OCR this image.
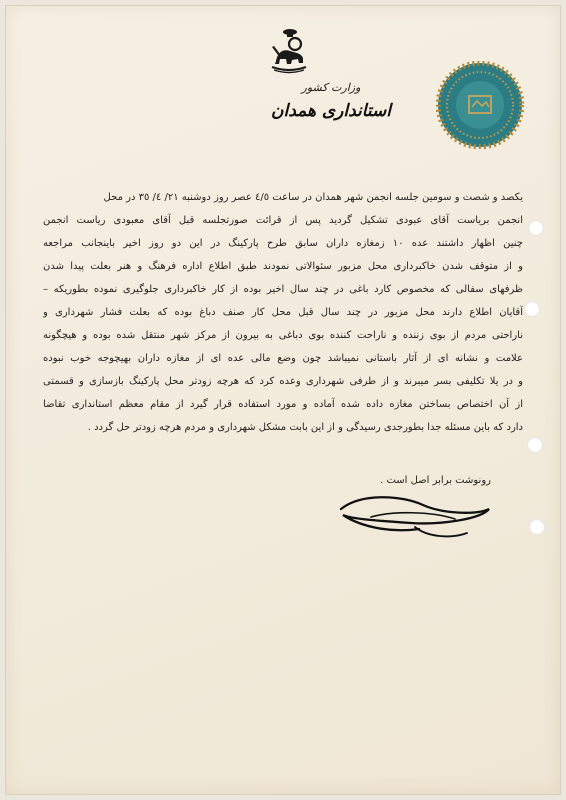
وزارت کشور
استانداری همدان
یکصد و شصت و سومین جلسه انجمن شهر همدان در ساعت ٤/٥ عصر روز دوشنبه ٢١/ ٤/ ٣٥ در محل
انجمن بریاست آقای عبودی تشکیل گردید پس از قرائت صورتجلسه قبل آقای معبودی ریاست انجمن
چنین اظهار داشتند عده ۱۰ زمغازه داران سابق طرح پارکینگ در این دو روز اخیر باینجانب مراجعه
و از متوقف شدن خاکبرداری محل مزبور سئوالاتی نمودند طبق اطلاع اداره فرهنگ و هنر بعلت پیدا شدن
ظرفهای سفالی که مخصوص کارد باغی در چند سال اخیر بوده از کار خاکبرداری جلوگیری نموده بطوریکه –
آقایان اطلاع دارند محل مزبور در چند سال قبل محل کار صنف دباغ بوده که بعلت فشار شهرداری و
ناراحتی مردم از بوی زننده و ناراحت کننده بوی دباغی به بیرون از مرکز شهر منتقل شده بوده و هیچگونه
علامت و نشانه ای از آثار باستانی نمیباشد چون وضع مالی عده ای از مغازه داران بهیچوجه خوب نبوده
و در یلا تکلیفی بسر میبرند و از طرفی شهرداری وعده کرد که هرچه زودتر محل پارکینگ بازسازی و قسمتی
از آن اختصاص بساختن مغازه داده شده آماده و مورد استفاده قرار گیرد از مقام معظم استانداری تقاضا
دارد که باین مسئله جدا بطورجدی رسیدگی و از این بابت مشکل شهرداری و مردم هرچه زودتر حل گردد .
رونوشت برابر اصل است .
